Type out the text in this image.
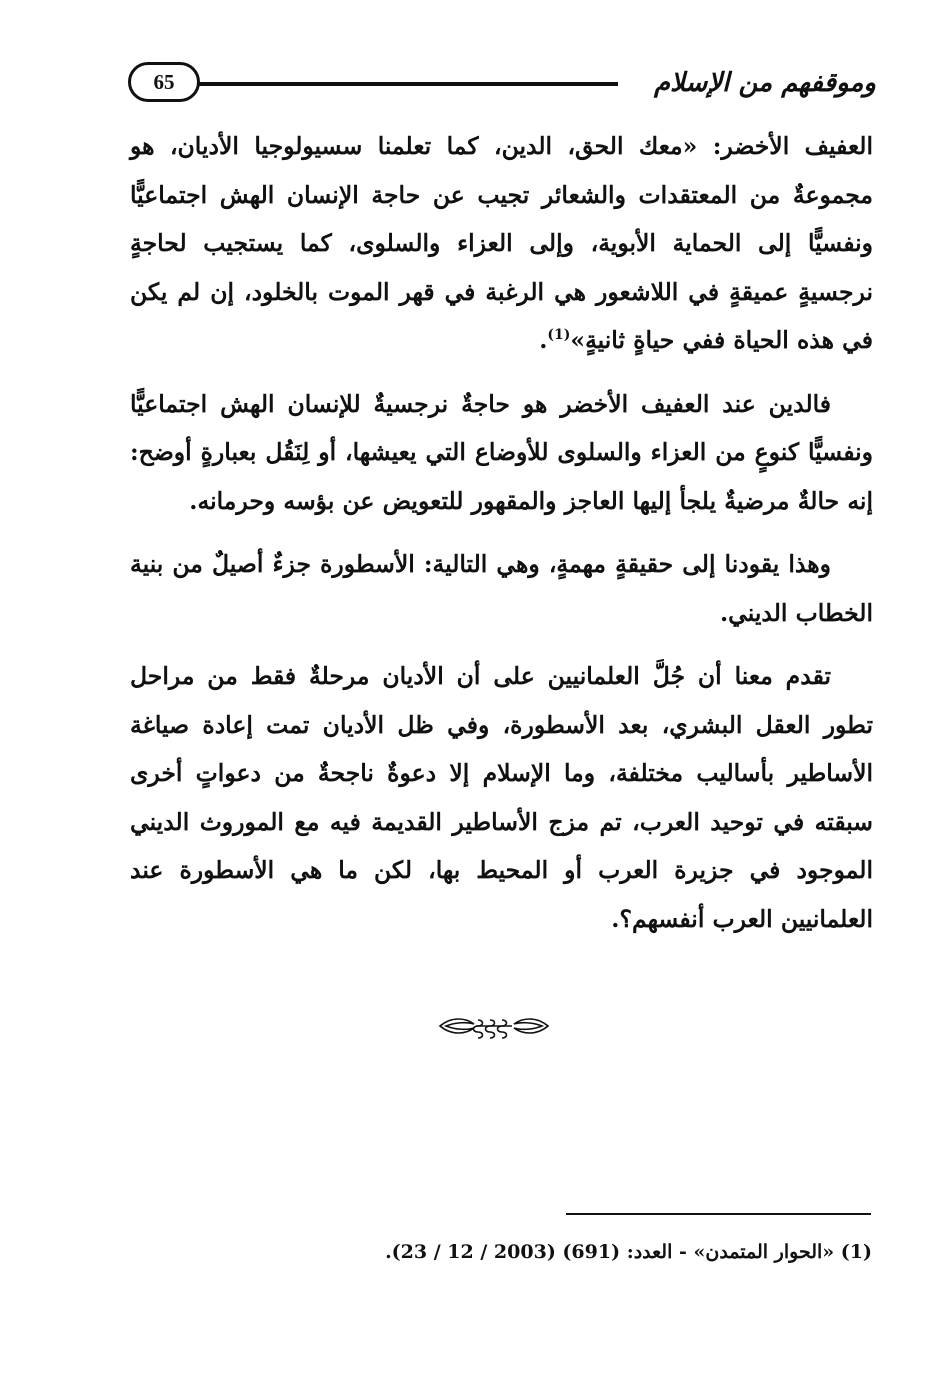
65	وموقفهم من الإسلام

العفيف الأخضر: «معك الحق، الدين، كما تعلمنا سسيولوجيا الأديان، هو مجموعةٌ من المعتقدات والشعائر تجيب عن حاجة الإنسان الهش اجتماعيًّا ونفسيًّا إلى الحماية الأبوية، وإلى العزاء والسلوى، كما يستجيب لحاجةٍ نرجسيةٍ عميقةٍ في اللاشعور هي الرغبة في قهر الموت بالخلود، إن لم يكن في هذه الحياة ففي حياةٍ ثانيةٍ»$^{(1)}$.

فالدين عند العفيف الأخضر هو حاجةٌ نرجسيةٌ للإنسان الهش اجتماعيًّا ونفسيًّا كنوعٍ من العزاء والسلوى للأوضاع التي يعيشها، أو لِنَقُل بعبارةٍ أوضح: إنه حالةٌ مرضيةٌ يلجأ إليها العاجز والمقهور للتعويض عن بؤسه وحرمانه.

وهذا يقودنا إلى حقيقةٍ مهمةٍ، وهي التالية: الأسطورة جزءٌ أصيلٌ من بنية الخطاب الديني.

تقدم معنا أن جُلَّ العلمانيين على أن الأديان مرحلةٌ فقط من مراحل تطور العقل البشري، بعد الأسطورة، وفي ظل الأديان تمت إعادة صياغة الأساطير بأساليب مختلفة، وما الإسلام إلا دعوةٌ ناجحةٌ من دعواتٍ أخرى سبقته في توحيد العرب، تم مزج الأساطير القديمة فيه مع الموروث الديني الموجود في جزيرة العرب أو المحيط بها، لكن ما هي الأسطورة عند العلمانيين العرب أنفسهم؟.

(1) «الحوار المتمدن» - العدد: (691) (2003 / 12 / 23).
